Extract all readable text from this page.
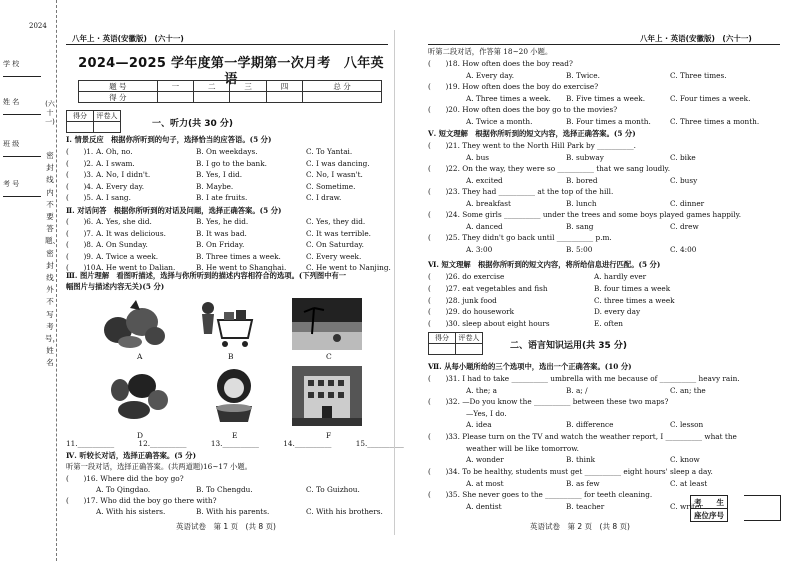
学 校
姓 名
班 级
考 号
2024
(六十一)
密封线内不要答题、密封线外不写考号，姓名
八年上 · 英语(安徽版)　(六十一)
2024—2025 学年度第一学期第一次月考　八年英语
题 号	一	二	三	四	总 分
得 分					
得分	评卷人

一、听力(共 30 分)
Ⅰ. 情景反应　根据你所听到的句子，选择恰当的应答语。(5 分)
(　　)1. A. Oh, no.	B. On weekdays.	C. To Yantai.
(　　)2. A. I swam.	B. I go to the bank.	C. I was dancing.
(　　)3. A. No, I didn't.	B. Yes, I did.	C. No, I wasn't.
(　　)4. A. Every day.	B. Maybe.	C. Sometime.
(　　)5. A. I sang.	B. I ate fruits.	C. I draw.
Ⅱ. 对话问答　根据你所听到的对话及问题，选择正确答案。(5 分)
(　　)6. A. Yes, she did.	B. Yes, he did.	C. Yes, they did.
(　　)7. A. It was delicious.	B. It was bad.	C. It was terrible.
(　　)8. A. On Sunday.	B. On Friday.	C. On Saturday.
(　　)9. A. Twice a week.	B. Three times a week.	C. Every week.
(　　)10.
A. He went to Dalian.	B. He went to Shanghai.	C. He went to Nanjing.
Ⅲ. 图片理解　看图听描述，选择与你所听到的描述内容相符合的选项。(下列图中有一
幅图片与描述内容无关)(5 分)
A	B	C
D	E	F
11.__________	12.__________	13.__________	14.__________	15.__________
Ⅳ. 听较长对话，选择正确答案。(5 分)
听第一段对话，选择正确答案。(共两道题)16~17 小题。
(　　)16. Where did the boy go?
A. To Qingdao.	B. To Chengdu.	C. To Guizhou.
(　　)17. Who did the boy go there with?
A. With his sisters.	B. With his parents.	C. With his brothers.
英语试卷　第 1 页　(共 8 页)
八年上 · 英语(安徽版)　(六十一)
听第二段对话，作答第 18~20 小题。
(　　)18. How often does the boy read?
A. Every day.	B. Twice.	C. Three times.
(　　)19. How often does the boy do exercise?
A. Three times a week. B. Five times a week.	C. Four times a week.
(　　)20. How often does the boy go to the movies?
A. Twice a month.	B. Four times a month.	C. Three times a month.
Ⅴ. 短文理解　根据你所听到的短文内容，选择正确答案。(5 分)
(　　)21. They went to the North Hill Park by __________.
A. bus	B. subway	C. bike
(　　)22. On the way, they were so __________ that we sang loudly.
A. excited	B. bored	C. busy
(　　)23. They had __________ at the top of the hill.
A. breakfast	B. lunch	C. dinner
(　　)24. Some girls __________ under the trees and some boys played games happily.
A. danced	B. sang	C. drew
(　　)25. They didn't go back until __________ p.m.
A. 3:00	B. 5:00	C. 4:00
Ⅵ. 短文理解　根据你所听到的短文内容，将所给信息进行匹配。(5 分)
(　　)26. do exercise	A. hardly ever
(　　)27. eat vegetables and fish	B. four times a week
(　　)28. junk food	C. three times a week
(　　)29. do housework	D. every day
(　　)30. sleep about eight hours	E. often
得分	评卷人

二、语言知识运用(共 35 分)
Ⅶ. 从每小题所给的三个选项中，选出一个正确答案。(10 分)
(　　)31. I had to take __________ umbrella with me because of __________ heavy rain.
A. the; a	B. a; /	C. an; the
(　　)32. —Do you know the __________ between these two maps?
—Yes, I do.
A. idea	B. difference	C. lesson
(　　)33. Please turn on the TV and watch the weather report, I __________ what the
weather will be like tomorrow.
A. wonder	B. think	C. know
(　　)34. To be healthy, students must get __________ eight hours' sleep a day.
A. at most	B. as few	C. at least
(　　)35. She never goes to the __________ for teeth cleaning.
A. dentist	B. teacher	C. writer
考　　生
座位序号
英语试卷　第 2 页　(共 8 页)
